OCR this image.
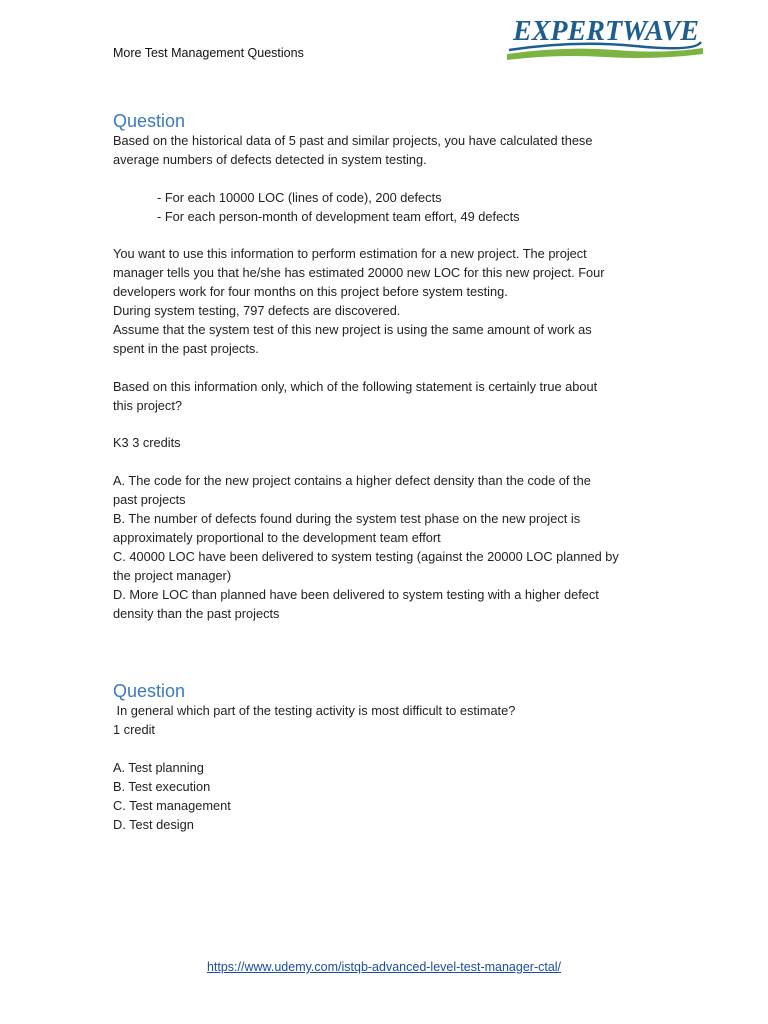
More Test Management Questions
EXPERTWAVE
Question

Based on the historical data of 5 past and similar projects, you have calculated these

average numbers of defects detected in system testing.

- For each 10000 LOC (lines of code), 200 defects

- For each person-month of development team effort, 49 defects

You want to use this information to perform estimation for a new project. The project

manager tells you that he/she has estimated 20000 new LOC for this new project. Four

developers work for four months on this project before system testing.

During system testing, 797 defects are discovered.

Assume that the system test of this new project is using the same amount of work as

spent in the past projects.

Based on this information only, which of the following statement is certainly true about

this project?

K3 3 credits

A. The code for the new project contains a higher defect density than the code of the

past projects

B. The number of defects found during the system test phase on the new project is

approximately proportional to the development team effort

C. 40000 LOC have been delivered to system testing (against the 20000 LOC planned by

the project manager)

D. More LOC than planned have been delivered to system testing with a higher defect

density than the past projects

Question

In general which part of the testing activity is most difficult to estimate?

1 credit

A. Test planning

B. Test execution

C. Test management

D. Test design

https://www.udemy.com/istqb-advanced-level-test-manager-ctal/
